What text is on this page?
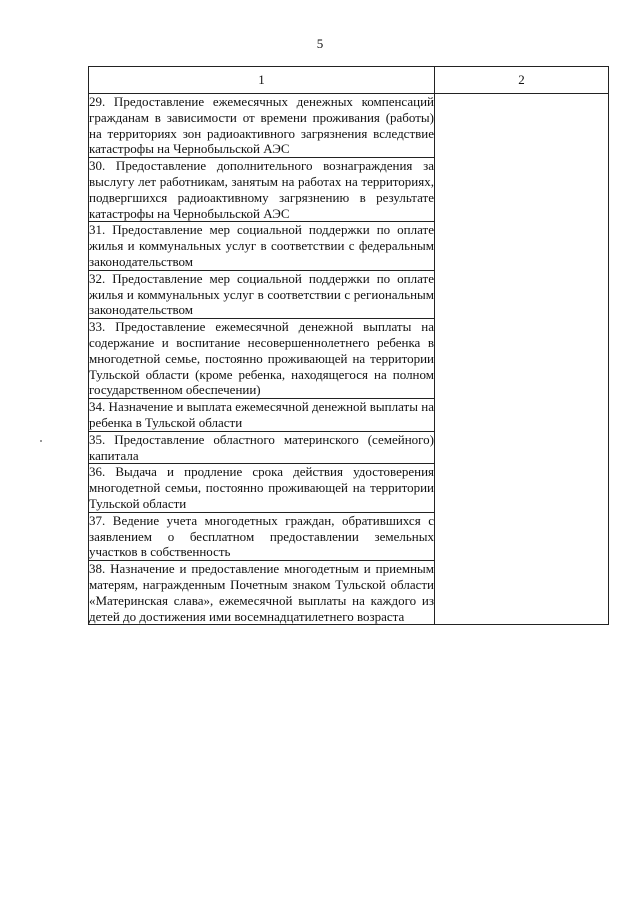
5
1	2
29. Предоставление ежемесячных денежных компенсаций гражданам в зависимости от времени проживания (работы) на территориях зон радиоактивного загрязнения вследствие катастрофы на Чернобыльской АЭС	
30. Предоставление дополнительного вознаграждения за выслугу лет работникам, занятым на работах на территориях, подвергшихся радиоактивному загрязнению в результате катастрофы на Чернобыльской АЭС	
31. Предоставление мер социальной поддержки по оплате жилья и коммунальных услуг в соответствии с федеральным законодательством	
32. Предоставление мер социальной поддержки по оплате жилья и коммунальных услуг в соответствии с региональным законодательством	
33. Предоставление ежемесячной денежной выплаты на содержание и воспитание несовершеннолетнего ребенка в многодетной семье, постоянно проживающей на территории Тульской области (кроме ребенка, находящегося на полном государственном обеспечении)	
34. Назначение и выплата ежемесячной денежной выплаты на ребенка в Тульской области	
35. Предоставление областного материнского (семейного) капитала	
36. Выдача и продление срока действия удостоверения многодетной семьи, постоянно проживающей на территории Тульской области	
37. Ведение учета многодетных граждан, обратившихся с заявлением о бесплатном предоставлении земельных участков в собственность	
38. Назначение и предоставление многодетным и приемным матерям, награжденным Почетным знаком Тульской области «Материнская слава», ежемесячной выплаты на каждого из детей до достижения ими восемнадцатилетнего возраста	
